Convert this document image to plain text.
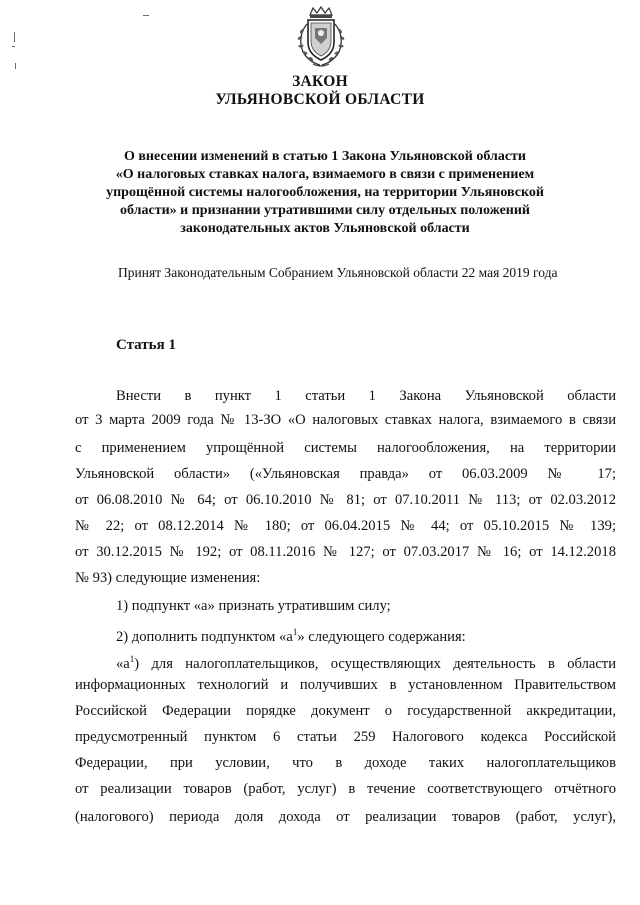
ЗАКОН
УЛЬЯНОВСКОЙ ОБЛАСТИ
О внесении изменений в статью 1 Закона Ульяновской области
«О налоговых ставках налога, взимаемого в связи с применением
упрощённой системы налогообложения, на территории Ульяновской
области» и признании утратившими силу отдельных положений
законодательных актов Ульяновской области
Принят Законодательным Собранием Ульяновской области 22 мая 2019 года
Статья 1
Внести в пункт 1 статьи 1 Закона Ульяновской области
от 3 марта 2009 года № 13-ЗО «О налоговых ставках налога, взимаемого в связи
с применением упрощённой системы налогообложения, на территории
Ульяновской области» («Ульяновская правда» от 06.03.2009 № 17;
от 06.08.2010 № 64; от 06.10.2010 № 81; от 07.10.2011 № 113; от 02.03.2012
№ 22; от 08.12.2014 № 180; от 06.04.2015 № 44; от 05.10.2015 № 139;
от 30.12.2015 № 192; от 08.11.2016 № 127; от 07.03.2017 № 16; от 14.12.2018
№ 93) следующие изменения:
1) подпункт «а» признать утратившим силу;
2) дополнить подпунктом «$а^1$» следующего содержания:
«$а^1$) для налогоплательщиков, осуществляющих деятельность в области
информационных технологий и получивших в установленном Правительством
Российской Федерации порядке документ о государственной аккредитации,
предусмотренный пунктом 6 статьи 259 Налогового кодекса Российской
Федерации, при условии, что в доходе таких налогоплательщиков
от реализации товаров (работ, услуг) в течение соответствующего отчётного
(налогового) периода доля дохода от реализации товаров (работ, услуг),
